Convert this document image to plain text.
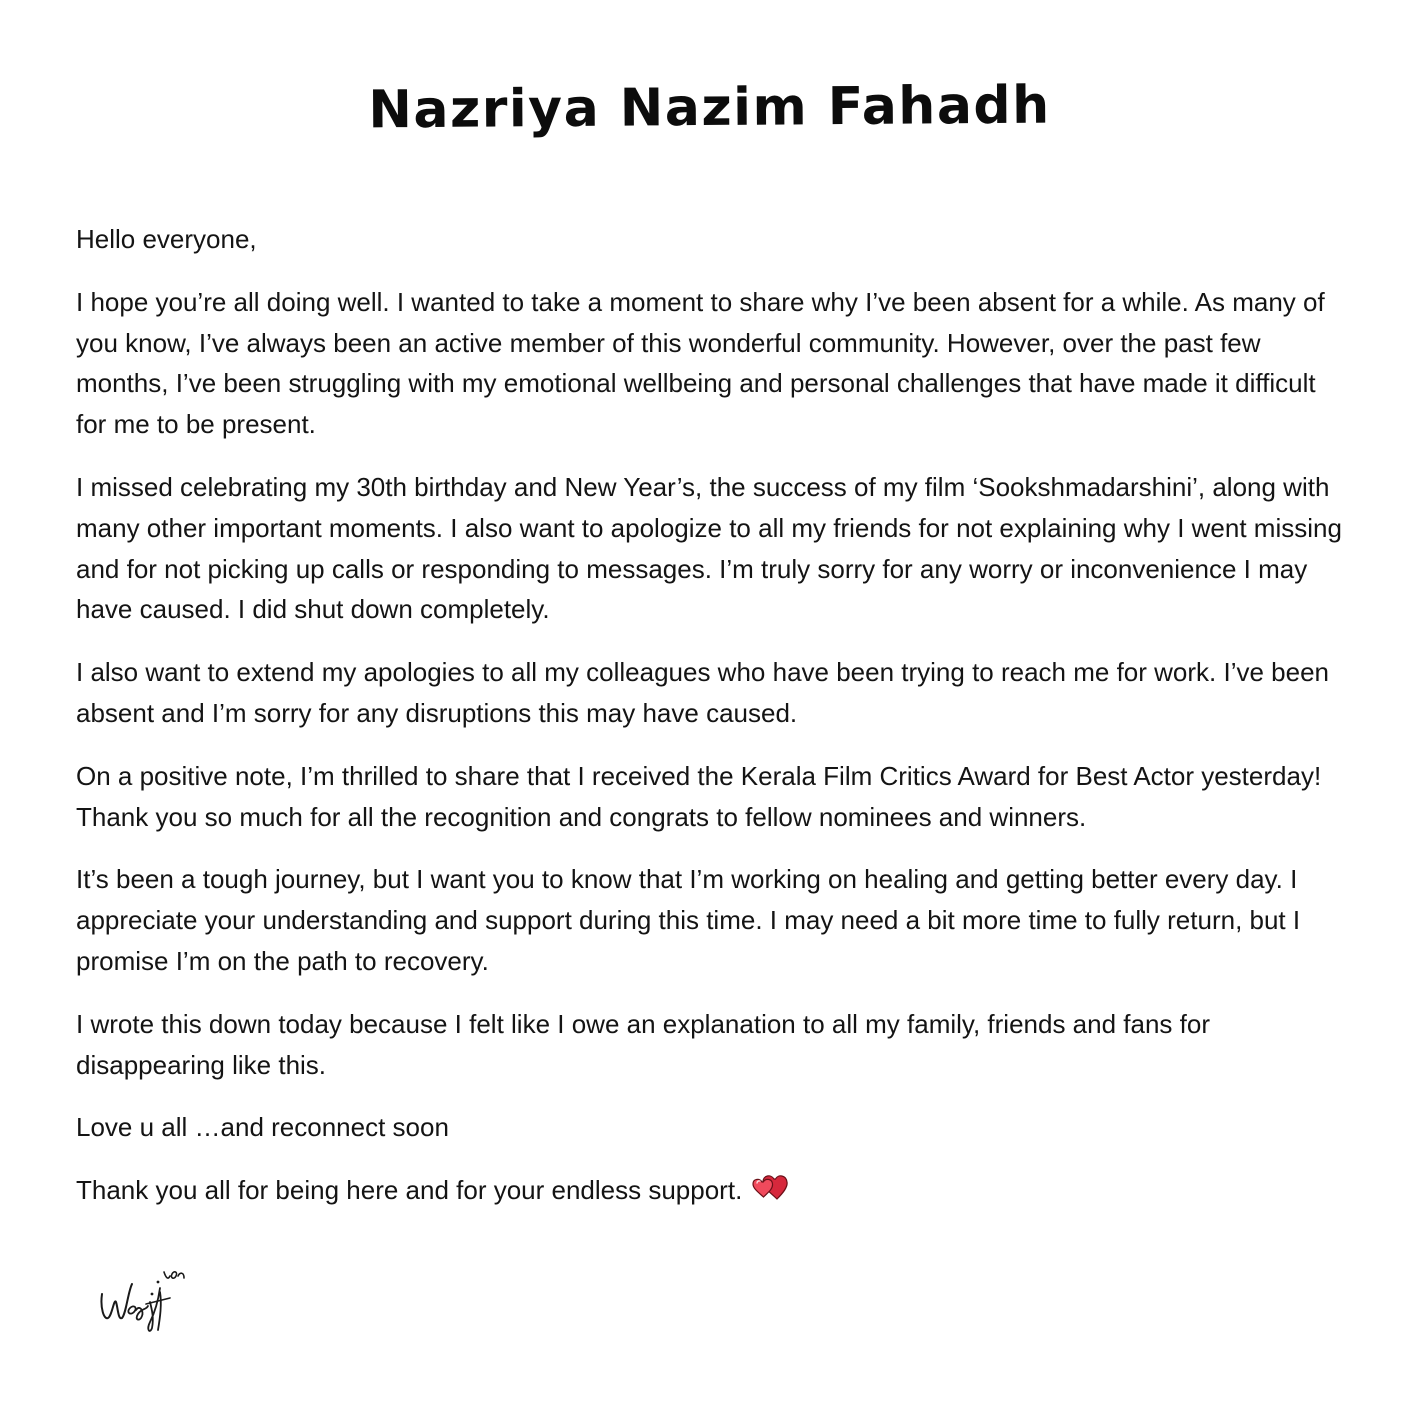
Nazriya Nazim Fahadh

Hello everyone,

I hope you’re all doing well. I wanted to take a moment to share why I’ve been absent for a while. As many of you know, I’ve always been an active member of this wonderful community. However, over the past few months, I’ve been struggling with my emotional wellbeing and personal challenges that have made it difficult for me to be present.

I missed celebrating my 30th birthday and New Year’s, the success of my film ‘Sookshmadarshini’, along with many other important moments. I also want to apologize to all my friends for not explaining why I went missing and for not picking up calls or responding to messages. I’m truly sorry for any worry or inconvenience I may have caused. I did shut down completely.

I also want to extend my apologies to all my colleagues who have been trying to reach me for work. I’ve been absent and I’m sorry for any disruptions this may have caused.

On a positive note, I’m thrilled to share that I received the Kerala Film Critics Award for Best Actor yesterday! Thank you so much for all the recognition and congrats to fellow nominees and winners.

It’s been a tough journey, but I want you to know that I’m working on healing and getting better every day. I appreciate your understanding and support during this time. I may need a bit more time to fully return, but I promise I’m on the path to recovery.

I wrote this down today because I felt like I owe an explanation to all my family, friends and fans for disappearing like this.

Love u all …and reconnect soon

Thank you all for being here and for your endless support.
